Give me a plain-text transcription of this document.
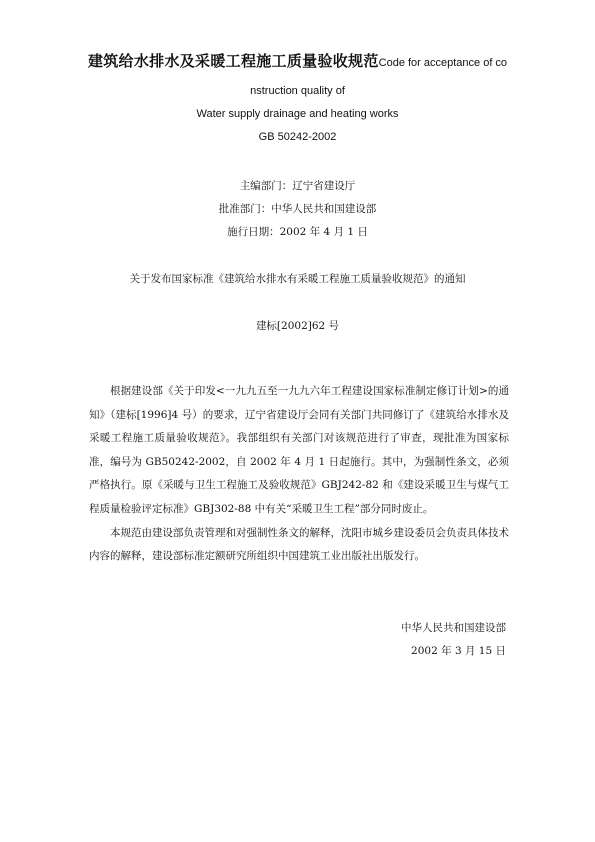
建筑给水排水及采暖工程施工质量验收规范Code for acceptance of co
nstruction quality of
Water supply drainage and heating works
GB 50242-2002
主编部门：辽宁省建设厅
批准部门：中华人民共和国建设部
施行日期：2002 年 4 月 1 日
关于发布国家标准《建筑给水排水有采暖工程施工质量验收规范》的通知
建标[2002]62 号

根据建设部《关于印发<一九九五至一九九六年工程建设国家标准制定修订计划>的通知》（建标[1996]4 号）的要求，辽宁省建设厅会同有关部门共同修订了《建筑给水排水及采暖工程施工质量验收规范》。我部组织有关部门对该规范进行了审查，现批准为国家标准，编号为 GB50242-2002，自 2002 年 4 月 1 日起施行。其中，为强制性条文，必须严格执行。原《采暖与卫生工程施工及验收规范》GBJ242-82 和《建设采暖卫生与煤气工程质量检验评定标准》GBJ302-88 中有关“采暖卫生工程”部分同时废止。

本规范由建设部负责管理和对强制性条文的解释，沈阳市城乡建设委员会负责具体技术内容的解释，建设部标准定额研究所组织中国建筑工业出版社出版发行。

中华人民共和国建设部
2002 年 3 月 15 日
